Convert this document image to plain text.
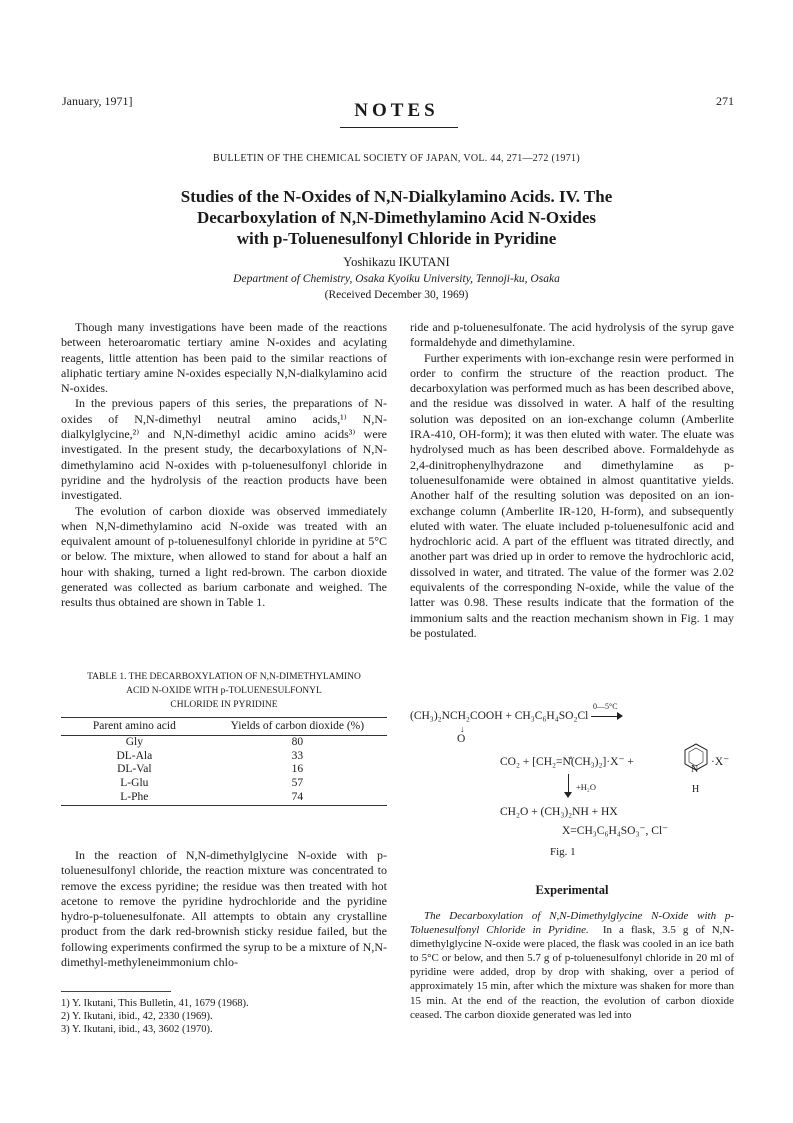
January, 1971]	271
NOTES
BULLETIN OF THE CHEMICAL SOCIETY OF JAPAN, VOL. 44, 271—272 (1971)
Studies of the N-Oxides of N,N-Dialkylamino Acids. IV. The
Decarboxylation of N,N-Dimethylamino Acid N-Oxides
with p-Toluenesulfonyl Chloride in Pyridine
Yoshikazu IKUTANI
Department of Chemistry, Osaka Kyoiku University, Tennoji-ku, Osaka
(Received December 30, 1969)

Though many investigations have been made of the reactions between heteroaromatic tertiary amine N-oxides and acylating reagents, little attention has been paid to the similar reactions of aliphatic tertiary amine N-oxides especially N,N-dialkylamino acid N-oxides.

In the previous papers of this series, the preparations of N-oxides of N,N-dimethyl neutral amino acids,¹⁾ N,N-dialkylglycine,²⁾ and N,N-dimethyl acidic amino acids³⁾ were investigated. In the present study, the decarboxylations of N,N-dimethylamino acid N-oxides with p-toluenesulfonyl chloride in pyridine and the hydrolysis of the reaction products have been investigated.

The evolution of carbon dioxide was observed immediately when N,N-dimethylamino acid N-oxide was treated with an equivalent amount of p-toluenesulfonyl chloride in pyridine at 5°C or below. The mixture, when allowed to stand for about a half an hour with shaking, turned a light red-brown. The carbon dioxide generated was collected as barium carbonate and weighed. The results thus obtained are shown in Table 1.

TABLE 1. THE DECARBOXYLATION OF N,N-DIMETHYLAMINO
ACID N-OXIDE WITH p-TOLUENESULFONYL
CHLORIDE IN PYRIDINE
Parent amino acid	Yields of carbon dioxide (%)
Gly	80
DL-Ala	33
DL-Val	16
L-Glu	57
L-Phe	74

In the reaction of N,N-dimethylglycine N-oxide with p-toluenesulfonyl chloride, the reaction mixture was concentrated to remove the excess pyridine; the residue was then treated with hot acetone to remove the pyridine hydrochloride and the pyridine hydro-p-toluenesulfonate. All attempts to obtain any crystalline product from the dark red-brownish sticky residue failed, but the following experiments confirmed the syrup to be a mixture of N,N-dimethyl-methyleneimmonium chlo-

1) Y. Ikutani, This Bulletin, 41, 1679 (1968).
2) Y. Ikutani, ibid., 42, 2330 (1969).
3) Y. Ikutani, ibid., 43, 3602 (1970).

ride and p-toluenesulfonate. The acid hydrolysis of the syrup gave formaldehyde and dimethylamine.

Further experiments with ion-exchange resin were performed in order to confirm the structure of the reaction product. The decarboxylation was performed much as has been described above, and the residue was dissolved in water. A half of the resulting solution was deposited on an ion-exchange column (Amberlite IRA-410, OH-form); it was then eluted with water. The eluate was hydrolysed much as has been described above. Formaldehyde as 2,4-dinitrophenylhydrazone and dimethylamine as p-toluenesulfonamide were obtained in almost quantitative yields. Another half of the resulting solution was deposited on an ion-exchange column (Amberlite IR-120, H-form), and subsequently eluted with water. The eluate included p-toluenesulfonic acid and hydrochloric acid. A part of the effluent was titrated directly, and another part was dried up in order to remove the hydrochloric acid, dissolved in water, and titrated. The value of the former was 2.02 equivalents of the corresponding N-oxide, while the value of the latter was 0.98. These results indicate that the formation of the immonium salts and the reaction mechanism shown in Fig. 1 may be postulated.

0—5°C
(CH₃)₂NCH₂COOH + CH₃C₆H₄SO₂Cl
↓
O
CO₂ + [CH₂=N̊(CH₃)₂]·X⁻ +
N
·X⁻
H
+H₂O
CH₂O + (CH₃)₂NH + HX
X=CH₃C₆H₄SO₃⁻, Cl⁻
Fig. 1
Experimental

The Decarboxylation of N,N-Dimethylglycine N-Oxide with p-Toluenesulfonyl Chloride in Pyridine. In a flask, 3.5 g of N,N-dimethylglycine N-oxide were placed, the flask was cooled in an ice bath to 5°C or below, and then 5.7 g of p-toluenesulfonyl chloride in 20 ml of pyridine were added, drop by drop with shaking, over a period of approximately 15 min, after which the mixture was shaken for more than 15 min. At the end of the reaction, the evolution of carbon dioxide ceased. The carbon dioxide generated was led into
